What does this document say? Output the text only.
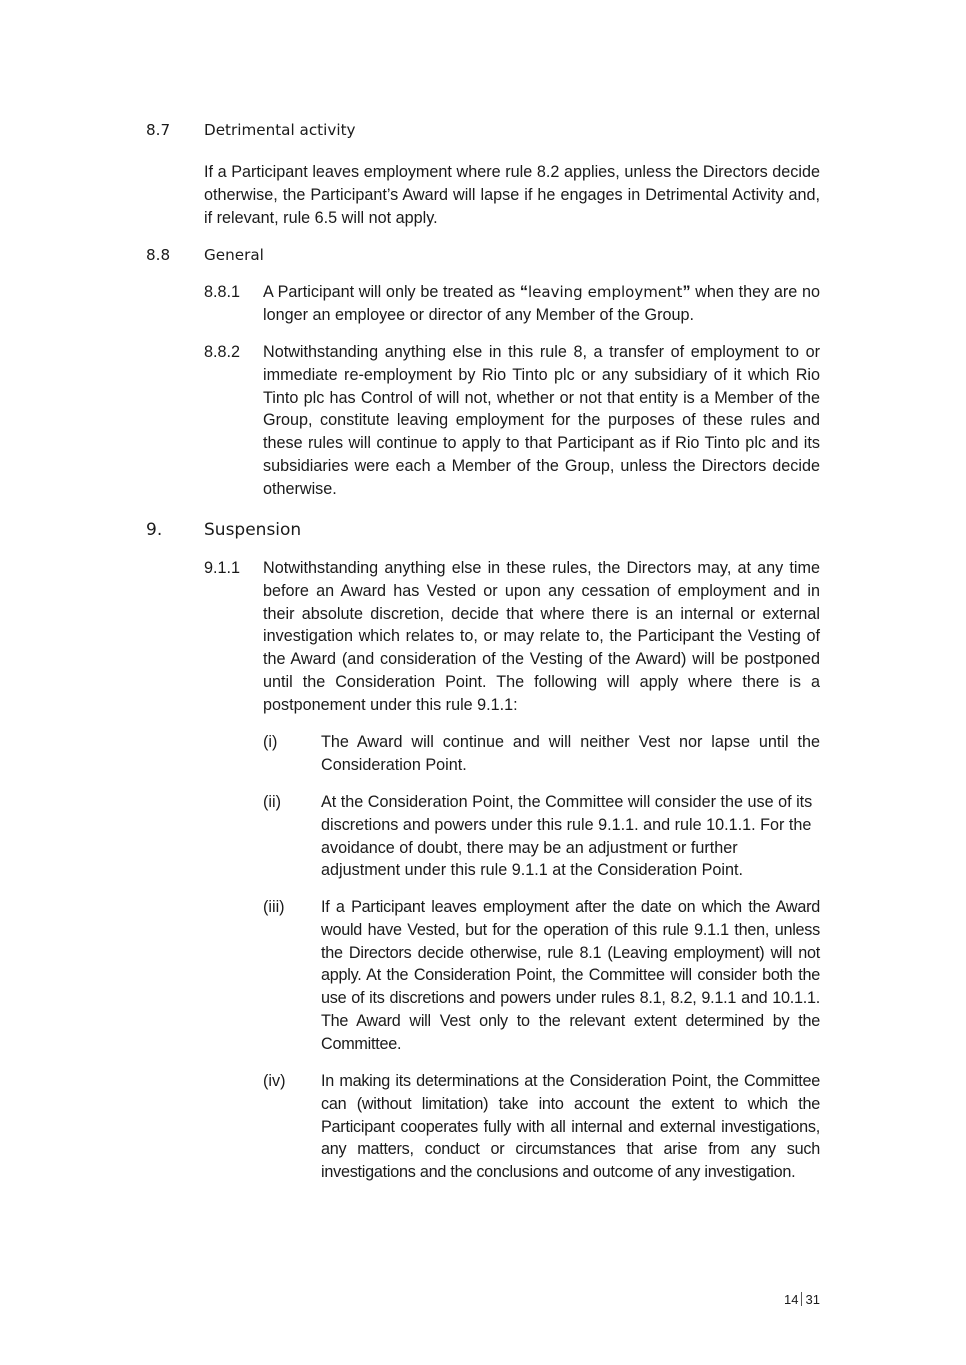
8.7 Detrimental activity

If a Participant leaves employment where rule 8.2 applies, unless the Directors decide otherwise, the Participant’s Award will lapse if he engages in Detrimental Activity and, if relevant, rule 6.5 will not apply.

8.8 General
8.8.1 A Participant will only be treated as “leaving employment” when they are no longer an employee or director of any Member of the Group.

8.8.2 Notwithstanding anything else in this rule 8, a transfer of employment to or immediate re-employment by Rio Tinto plc or any subsidiary of it which Rio Tinto plc has Control of will not, whether or not that entity is a Member of the Group, constitute leaving employment for the purposes of these rules and these rules will continue to apply to that Participant as if Rio Tinto plc and its subsidiaries were each a Member of the Group, unless the Directors decide otherwise.

9. Suspension
9.1.1 Notwithstanding anything else in these rules, the Directors may, at any time before an Award has Vested or upon any cessation of employment and in their absolute discretion, decide that where there is an internal or external investigation which relates to, or may relate to, the Participant the Vesting of the Award (and consideration of the Vesting of the Award) will be postponed until the Consideration Point. The following will apply where there is a postponement under this rule 9.1.1:

(i)	The Award will continue and will neither Vest nor lapse until the Consideration Point.

(ii) At the Consideration Point, the Committee will consider the use of its discretions and powers under this rule 9.1.1. and rule 10.1.1. For the avoidance of doubt, there may be an adjustment or further adjustment under this rule 9.1.1 at the Consideration Point.

(iii) If a Participant leaves employment after the date on which the Award would have Vested, but for the operation of this rule 9.1.1 then, unless the Directors decide otherwise, rule 8.1 (Leaving employment) will not apply. At the Consideration Point, the Committee will consider both the use of its discretions and powers under rules 8.1, 8.2, 9.1.1 and 10.1.1. The Award will Vest only to the relevant extent determined by the Committee.

(iv) In making its determinations at the Consideration Point, the Committee can (without limitation) take into account the extent to which the Participant cooperates fully with all internal and external investigations, any matters, conduct or circumstances that arise from any such investigations and the conclusions and outcome of any investigation.

14 31
